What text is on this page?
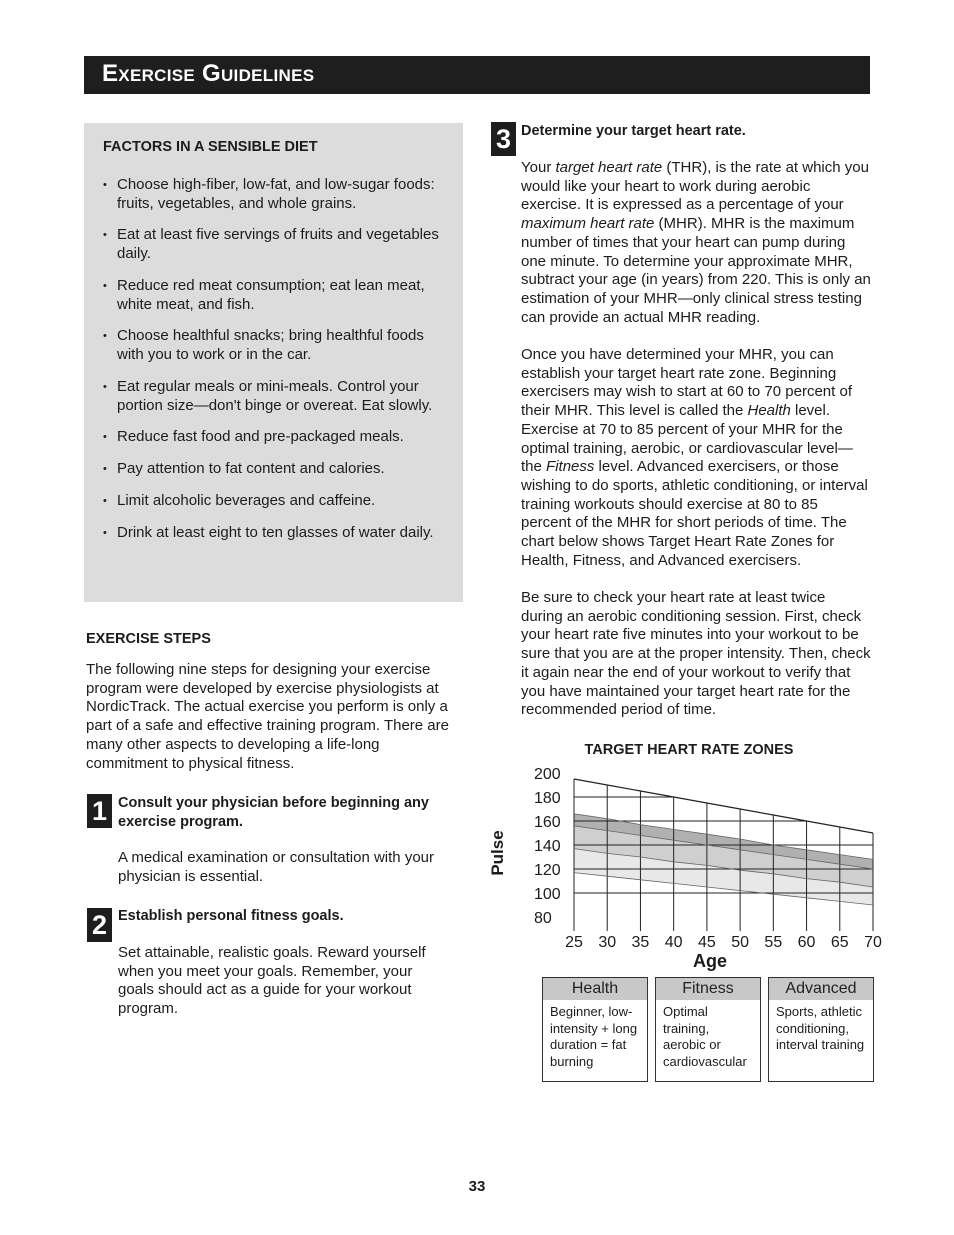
Exercise Guidelines
FACTORS IN A SENSIBLE DIET
• Choose high-fiber, low-fat, and low-sugar foods: fruits, vegetables, and whole grains.
• Eat at least five servings of fruits and vegetables daily.
• Reduce red meat consumption; eat lean meat, white meat, and fish.
• Choose healthful snacks; bring healthful foods with you to work or in the car.
• Eat regular meals or mini-meals. Control your portion size—don't binge or overeat. Eat slowly.
• Reduce fast food and pre-packaged meals.
• Pay attention to fat content and calories.
• Limit alcoholic beverages and caffeine.
• Drink at least eight to ten glasses of water daily.
EXERCISE STEPS
The following nine steps for designing your exercise program were developed by exercise physiologists at NordicTrack. The actual exercise you perform is only a part of a safe and effective training program. There are many other aspects to developing a life-long commitment to physical fitness.
1 Consult your physician before beginning any exercise program.
A medical examination or consultation with your physician is essential.
2 Establish personal fitness goals.
Set attainable, realistic goals. Reward yourself when you meet your goals. Remember, your goals should act as a guide for your workout program.
3 Determine your target heart rate.
Your target heart rate (THR), is the rate at which you would like your heart to work during aerobic exercise. It is expressed as a percentage of your maximum heart rate (MHR). MHR is the maximum number of times that your heart can pump during one minute. To determine your approximate MHR, subtract your age (in years) from 220. This is only an estimation of your MHR—only clinical stress testing can provide an actual MHR reading.
Once you have determined your MHR, you can establish your target heart rate zone. Beginning exercisers may wish to start at 60 to 70 percent of their MHR. This level is called the Health level. Exercise at 70 to 85 percent of your MHR for the optimal training, aerobic, or cardiovascular level—the Fitness level. Advanced exercisers, or those wishing to do sports, athletic conditioning, or interval training workouts should exercise at 80 to 85 percent of the MHR for short periods of time. The chart below shows Target Heart Rate Zones for Health, Fitness, and Advanced exercisers.
Be sure to check your heart rate at least twice during an aerobic conditioning session. First, check your heart rate five minutes into your workout to be sure that you are at the proper intensity. Then, check it again near the end of your workout to verify that you have maintained your target heart rate for the recommended period of time.
TARGET HEART RATE ZONES
200
180
160
140
120
100
80
25 30 35 40 45 50 55 60 65 70
Pulse
Age
Health
Beginner, low-intensity + long duration = fat burning
Fitness
Optimal training, aerobic or cardiovascular
Advanced
Sports, athletic conditioning, interval training
33
